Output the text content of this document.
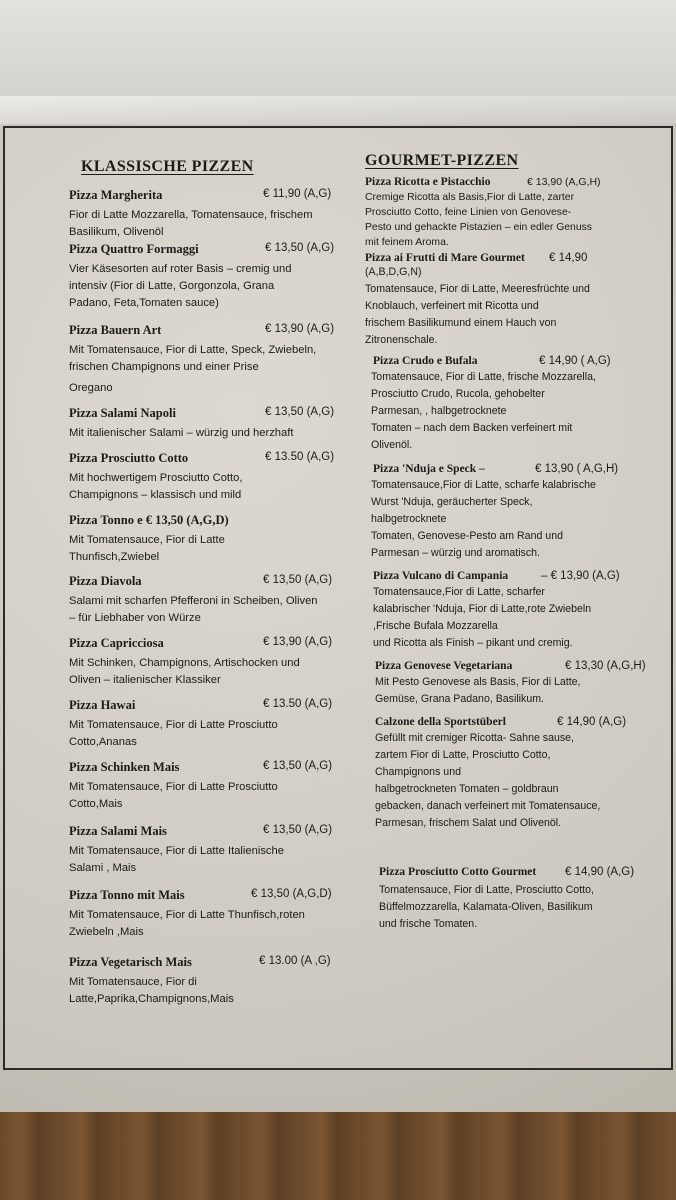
KLASSISCHE PIZZEN
Pizza Margherita	€ 11,90 (A,G)
Fior di Latte Mozzarella, Tomatensauce, frischem
Basilikum, Olivenöl
Pizza Quattro Formaggi	€ 13,50 (A,G)
Vier Käsesorten auf roter Basis – cremig und
intensiv (Fior di Latte, Gorgonzola, Grana
Padano, Feta,Tomaten sauce)
Pizza Bauern Art	€ 13,90 (A,G)
Mit Tomatensauce, Fior di Latte, Speck, Zwiebeln,
frischen Champignons und einer Prise
Oregano
Pizza Salami Napoli	€ 13,50 (A,G)
Mit italienischer Salami – würzig und herzhaft
Pizza Prosciutto Cotto	€ 13.50 (A,G)
Mit hochwertigem Prosciutto Cotto,
Champignons – klassisch und mild
Pizza Tonno e € 13,50 (A,G,D)
Mit Tomatensauce, Fior di Latte
Thunfisch,Zwiebel
Pizza Diavola	€ 13,50 (A,G)
Salami mit scharfen Pfefferoni in Scheiben, Oliven
– für Liebhaber von Würze
Pizza Capricciosa	€ 13,90 (A,G)
Mit Schinken, Champignons, Artischocken und
Oliven – italienischer Klassiker
Pizza Hawai	€ 13.50 (A,G)
Mit Tomatensauce, Fior di Latte Prosciutto
Cotto,Ananas
Pizza Schinken Mais	€ 13,50 (A,G)
Mit Tomatensauce, Fior di Latte Prosciutto
Cotto,Mais
Pizza Salami Mais	€ 13,50 (A,G)
Mit Tomatensauce, Fior di Latte Italienische
Salami , Mais
Pizza Tonno mit Mais	€ 13,50 (A,G,D)
Mit Tomatensauce, Fior di Latte Thunfisch,roten
Zwiebeln ,Mais
Pizza Vegetarisch Mais	€ 13.00 (A ,G)
Mit Tomatensauce, Fior di
Latte,Paprika,Champignons,Mais
GOURMET-PIZZEN
Pizza Ricotta e Pistacchio	€ 13,90 (A,G,H)
Cremige Ricotta als Basis,Fior di Latte, zarter
Prosciutto Cotto, feine Linien von Genovese-
Pesto und gehackte Pistazien – ein edler Genuss
mit feinem Aroma.
Pizza ai Frutti di Mare Gourmet	€ 14,90
(A,B,D,G,N)
Tomatensauce, Fior di Latte, Meeresfrüchte und
Knoblauch, verfeinert mit Ricotta und
frischem Basilikumund einem Hauch von
Zitronenschale.
Pizza Crudo e Bufala	€ 14,90 ( A,G)
Tomatensauce, Fior di Latte, frische Mozzarella,
Prosciutto Crudo, Rucola, gehobelter
Parmesan, , halbgetrocknete
Tomaten – nach dem Backen verfeinert mit
Olivenöl.
Pizza 'Nduja e Speck –	€ 13,90 ( A,G,H)
Tomatensauce,Fior di Latte, scharfe kalabrische
Wurst 'Nduja, geräucherter Speck,
halbgetrocknete
Tomaten, Genovese-Pesto am Rand und
Parmesan – würzig und aromatisch.
Pizza Vulcano di Campania	– € 13,90 (A,G)
Tomatensauce,Fior di Latte, scharfer
kalabrischer 'Nduja, Fior di Latte,rote Zwiebeln
,Frische Bufala Mozzarella
und Ricotta als Finish – pikant und cremig.
Pizza Genovese Vegetariana	€ 13,30 (A,G,H)
Mit Pesto Genovese als Basis, Fior di Latte,
Gemüse, Grana Padano, Basilikum.
Calzone della Sportstüberl	€ 14,90 (A,G)
Gefüllt mit cremiger Ricotta- Sahne sause,
zartem Fior di Latte, Prosciutto Cotto,
Champignons und
halbgetrockneten Tomaten – goldbraun
gebacken, danach verfeinert mit Tomatensauce,
Parmesan, frischem Salat und Olivenöl.
Pizza Prosciutto Cotto Gourmet	€ 14,90 (A,G)
Tomatensauce, Fior di Latte, Prosciutto Cotto,
Büffelmozzarella, Kalamata-Oliven, Basilikum
und frische Tomaten.
